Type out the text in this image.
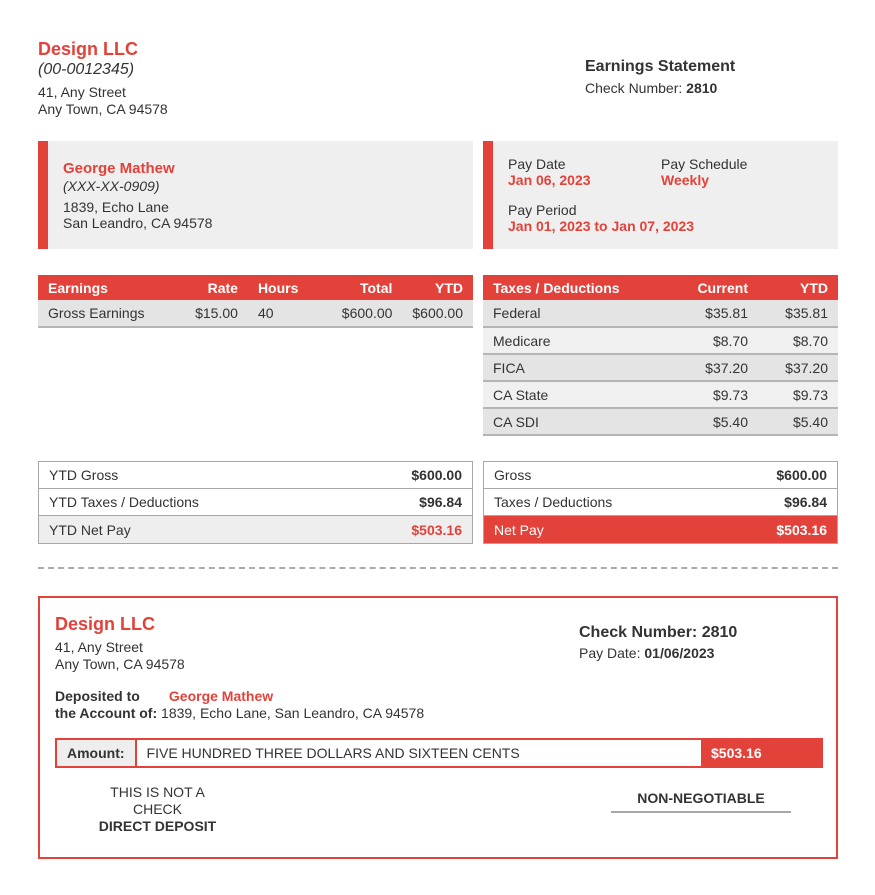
Design LLC
(00-0012345)
41, Any Street
Any Town, CA 94578
Earnings Statement
Check Number: 2810
George Mathew
(XXX-XX-0909)
1839, Echo Lane
San Leandro, CA 94578
Pay Date
Jan 06, 2023
Pay Schedule
Weekly
Pay Period
Jan 01, 2023 to Jan 07, 2023
Earnings	Rate	Hours	Total	YTD
Gross Earnings	$15.00	40	$600.00	$600.00
Taxes / Deductions	Current	YTD
Federal	$35.81	$35.81
Medicare	$8.70	$8.70
FICA	$37.20	$37.20
CA State	$9.73	$9.73
CA SDI	$5.40	$5.40
YTD Gross	$600.00
YTD Taxes / Deductions	$96.84
YTD Net Pay	$503.16
Gross	$600.00
Taxes / Deductions	$96.84
Net Pay	$503.16
Design LLC
41, Any Street
Any Town, CA 94578
Check Number: 2810
Pay Date: 01/06/2023
Deposited to George Mathew
the Account of: 1839, Echo Lane, San Leandro, CA 94578
Amount:	FIVE HUNDRED THREE DOLLARS AND SIXTEEN CENTS	$503.16
THIS IS NOT A CHECK
DIRECT DEPOSIT
NON-NEGOTIABLE
